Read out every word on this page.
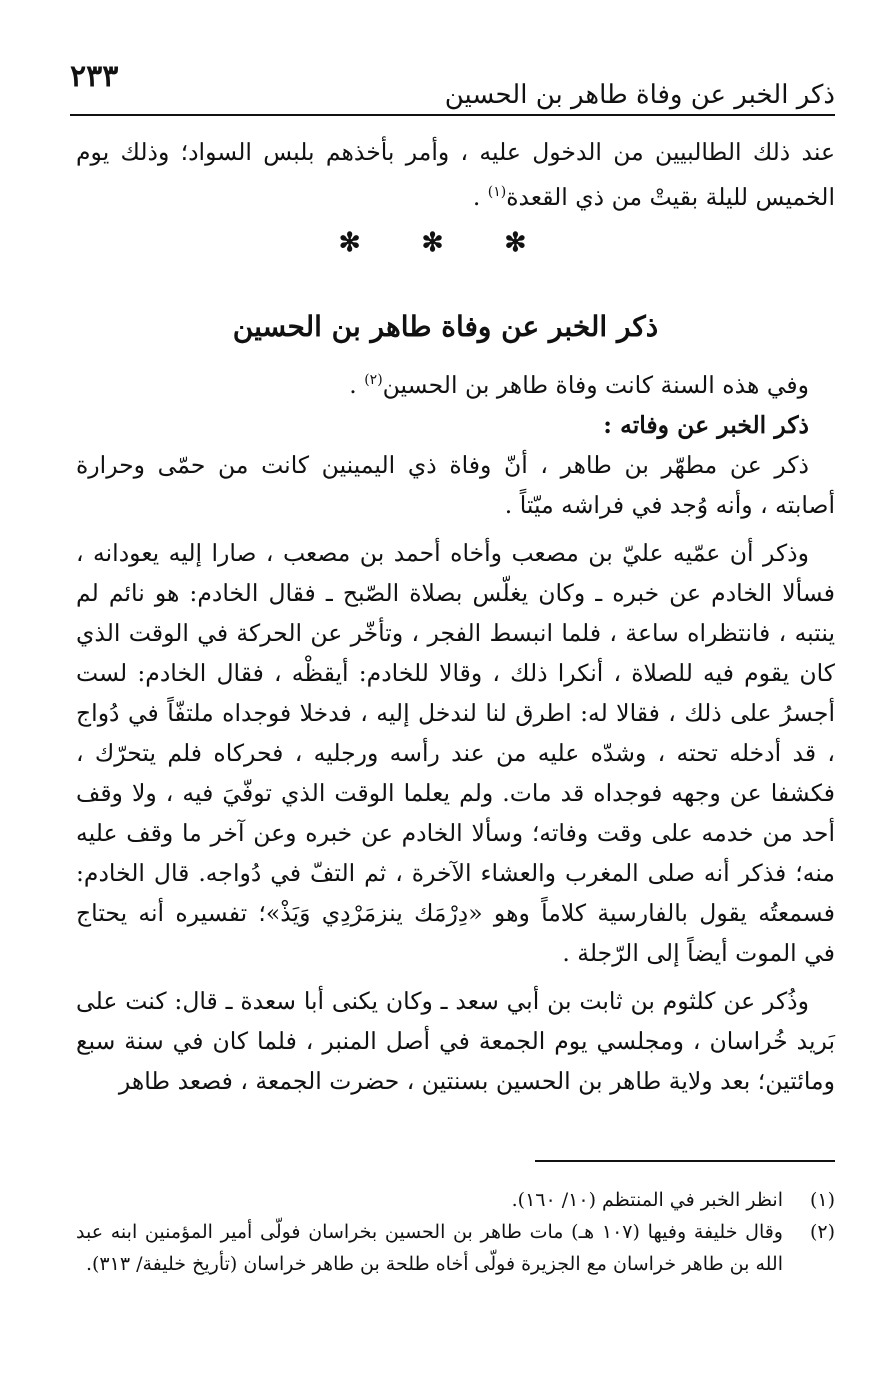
ذكر الخبر عن وفاة طاهر بن الحسين
٢٣٣

عند ذلك الطالبيين من الدخول عليه ، وأمر بأخذهم بلبس السواد؛ وذلك يوم الخميس لليلة بقيتْ من ذي القعدة$^{(١)}$ .

✻ ✻ ✻
ذكر الخبر عن وفاة طاهر بن الحسين

وفي هذه السنة كانت وفاة طاهر بن الحسين$^{(٢)}$ .

ذكر الخبر عن وفاته :

ذكر عن مطهّر بن طاهر ، أنّ وفاة ذي اليمينين كانت من حمّى وحرارة أصابته ، وأنه وُجد في فراشه ميّتاً .

وذكر أن عمّيه عليّ بن مصعب وأخاه أحمد بن مصعب ، صارا إليه يعودانه ، فسألا الخادم عن خبره ـ وكان يغلّس بصلاة الصّبح ـ فقال الخادم: هو نائم لم ينتبه ، فانتظراه ساعة ، فلما انبسط الفجر ، وتأخّر عن الحركة في الوقت الذي كان يقوم فيه للصلاة ، أنكرا ذلك ، وقالا للخادم: أيقظْه ، فقال الخادم: لست أجسرُ على ذلك ، فقالا له: اطرق لنا لندخل إليه ، فدخلا فوجداه ملتفّاً في دُواج ، قد أدخله تحته ، وشدّه عليه من عند رأسه ورجليه ، فحركاه فلم يتحرّك ، فكشفا عن وجهه فوجداه قد مات. ولم يعلما الوقت الذي توفّيَ فيه ، ولا وقف أحد من خدمه على وقت وفاته؛ وسألا الخادم عن خبره وعن آخر ما وقف عليه منه؛ فذكر أنه صلى المغرب والعشاء الآخرة ، ثم التفّ في دُواجه. قال الخادم: فسمعتُه يقول بالفارسية كلاماً وهو «دِرْمَك ينزمَرْدِي وَيَذْ»؛ تفسيره أنه يحتاج في الموت أيضاً إلى الرّجلة .

وذُكر عن كلثوم بن ثابت بن أبي سعد ـ وكان يكنى أبا سعدة ـ قال: كنت على بَريد خُراسان ، ومجلسي يوم الجمعة في أصل المنبر ، فلما كان في سنة سبع ومائتين؛ بعد ولاية طاهر بن الحسين بسنتين ، حضرت الجمعة ، فصعد طاهر

(١)
انظر الخبر في المنتظم (١٠/ ١٦٠).
(٢)
وقال خليفة وفيها (١٠٧ هـ) مات طاهر بن الحسين بخراسان فولّى أمير المؤمنين ابنه عبد الله بن طاهر خراسان مع الجزيرة فولّى أخاه طلحة بن طاهر خراسان (تأريخ خليفة/ ٣١٣).
